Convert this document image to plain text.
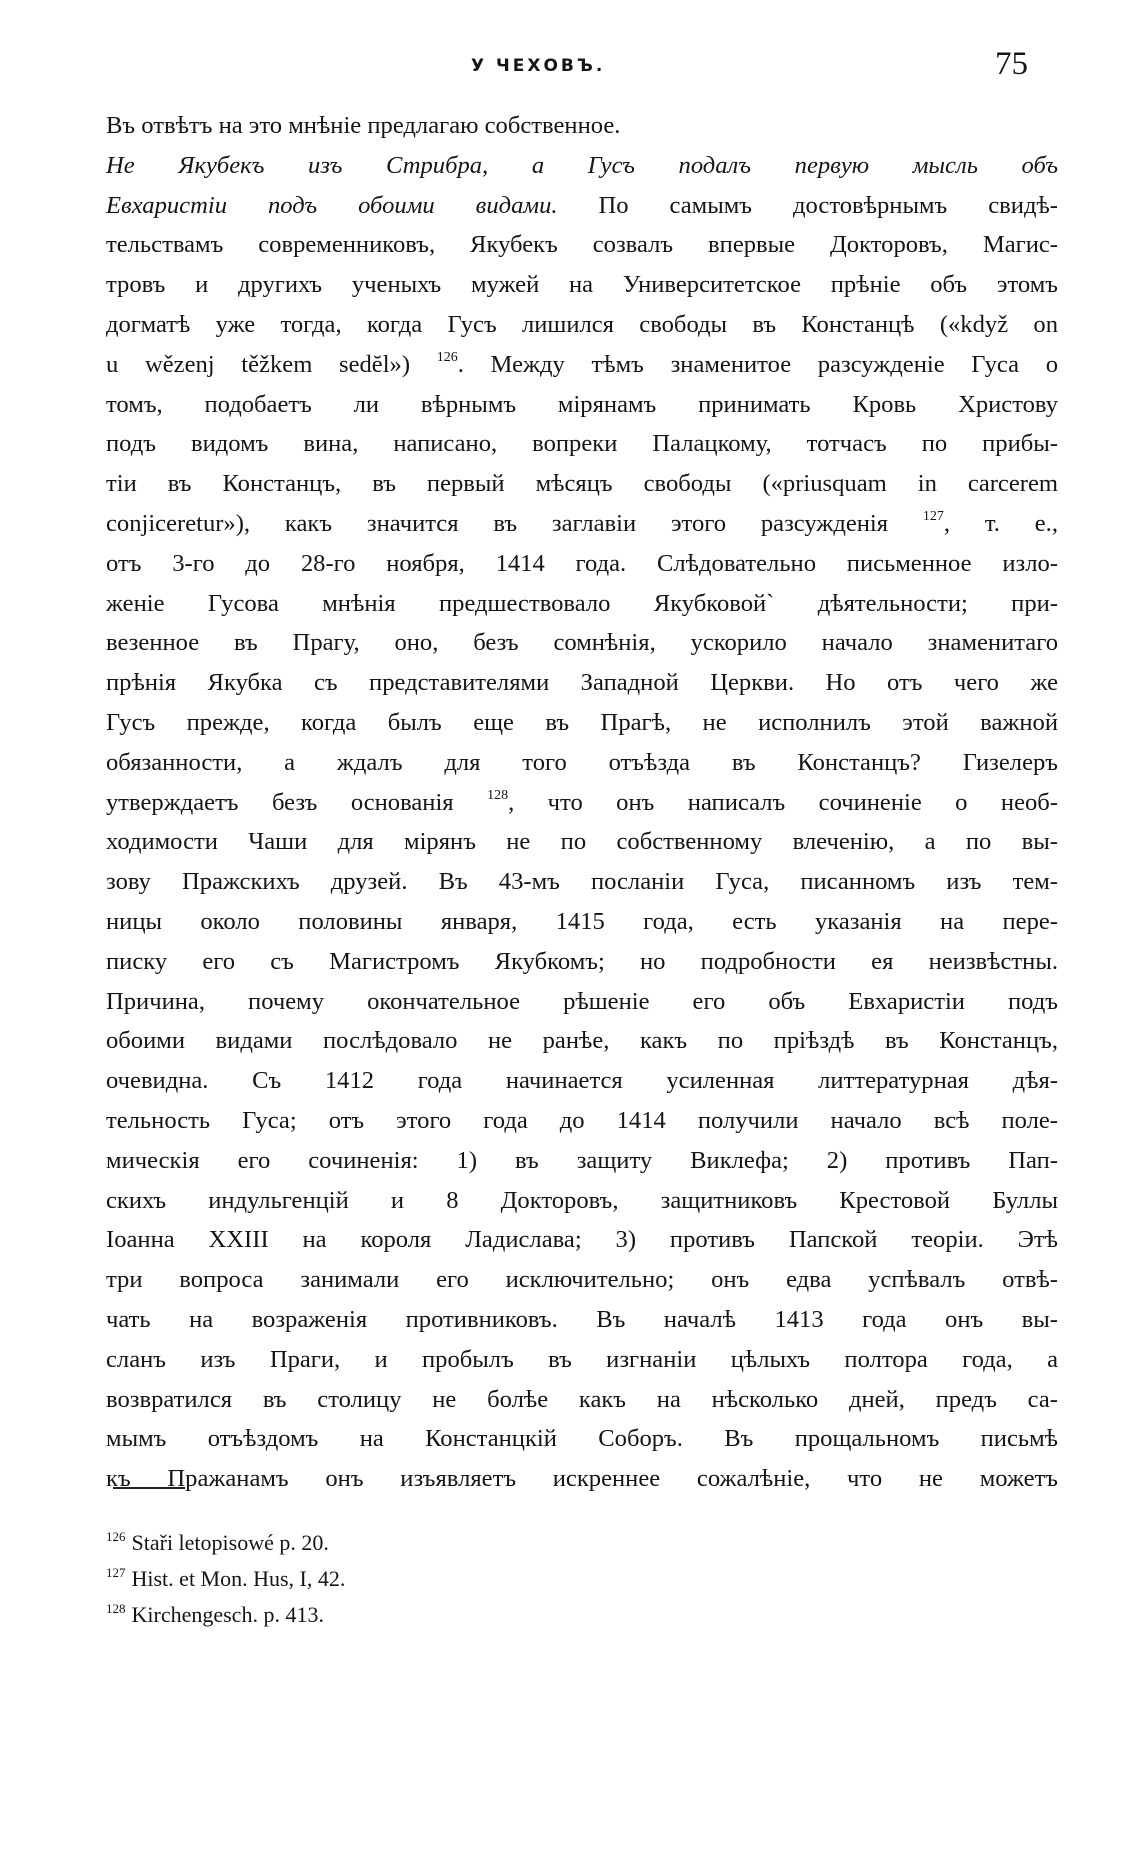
У ЧЕХОВЪ.	75
Въ отвѣтъ на это мнѣніе предлагаю собственное.
Не Якубекъ изъ Стрибра, а Гусъ подалъ первую мысль объ
Евхаристіи подъ обоими видами. По самымъ достовѣрнымъ свидѣ-
тельствамъ современниковъ, Якубекъ созвалъ впервые Докторовъ, Магис-
тровъ и другихъ ученыхъ мужей на Университетское прѣніе объ этомъ
догматѣ уже тогда, когда Гусъ лишился свободы въ Констанцѣ («když on
u wězenj těžkem sedĕl») $^{126}$. Между тѣмъ знаменитое разсужденіе Гуса о
томъ, подобаетъ ли вѣрнымъ мірянамъ принимать Кровь Христову
подъ видомъ вина, написано, вопреки Палацкому, тотчасъ по прибы-
тіи въ Констанцъ, въ первый мѣсяцъ свободы («priusquam in carcerem
conjiceretur»), какъ значится въ заглавіи этого разсужденія $^{127}$, т. е.,
отъ 3-го до 28-го ноября, 1414 года. Слѣдовательно письменное изло-
женіе Гусова мнѣнія предшествовало Якубковой` дѣятельности; при-
везенное въ Прагу, оно, безъ сомнѣнія, ускорило начало знаменитаго
прѣнія Якубка съ представителями Западной Церкви. Но отъ чего же
Гусъ прежде, когда былъ еще въ Прагѣ, не исполнилъ этой важной
обязанности, а ждалъ для того отъѣзда въ Констанцъ? Гизелеръ
утверждаетъ безъ основанія $^{128}$, что онъ написалъ сочиненіе о необ-
ходимости Чаши для мірянъ не по собственному влеченію, а по вы-
зову Пражскихъ друзей. Въ 43-мъ посланіи Гуса, писанномъ изъ тем-
ницы около половины января, 1415 года, есть указанія на пере-
писку его съ Магистромъ Якубкомъ; но подробности ея неизвѣстны.
Причина, почему окончательное рѣшеніе его объ Евхаристіи подъ
обоими видами послѣдовало не ранѣе, какъ по пріѣздѣ въ Констанцъ,
очевидна. Съ 1412 года начинается усиленная литтературная дѣя-
тельность Гуса; отъ этого года до 1414 получили начало всѣ поле-
мическія его сочиненія: 1) въ защиту Виклефа; 2) противъ Пап-
скихъ индульгенцій и 8 Докторовъ, защитниковъ Крестовой Буллы
Іоанна XXIII на короля Ладислава; 3) противъ Папской теоріи. Этѣ
три вопроса занимали его исключительно; онъ едва успѣвалъ отвѣ-
чать на возраженія противниковъ. Въ началѣ 1413 года онъ вы-
сланъ изъ Праги, и пробылъ въ изгнаніи цѣлыхъ полтора года, а
возвратился въ столицу не болѣе какъ на нѣсколько дней, предъ са-
мымъ отъѣздомъ на Констанцкій Соборъ. Въ прощальномъ письмѣ
къ Пражанамъ онъ изъявляетъ искреннее сожалѣніе, что не можетъ
$^{126}$ Staři letopisowé p. 20.
$^{127}$ Hist. et Mon. Hus, I, 42.
$^{128}$ Kirchengesch. p. 413.
